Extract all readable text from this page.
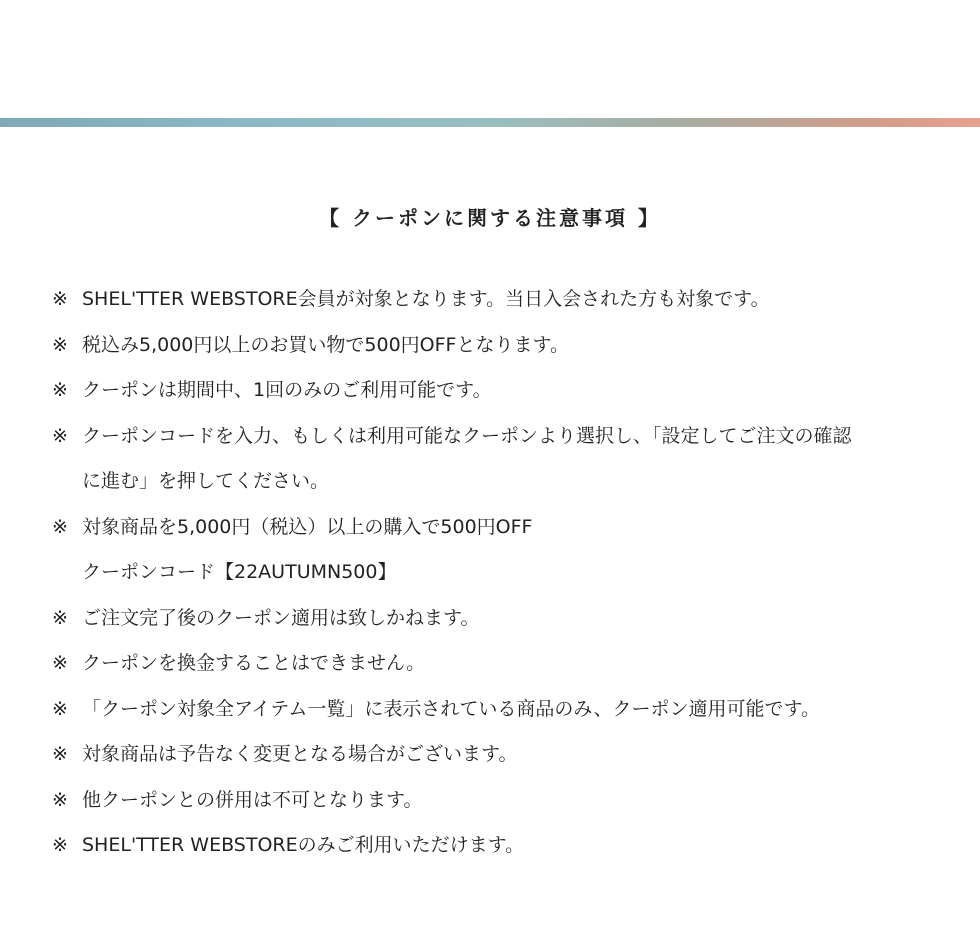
【 クーポンに関する注意事項 】
※ SHEL'TTER WEBSTORE会員が対象となります。当日入会された方も対象です。
※ 税込み5,000円以上のお買い物で500円OFFとなります。
※ クーポンは期間中、1回のみのご利用可能です。
※ クーポンコードを入力、もしくは利用可能なクーポンより選択し、「設定してご注文の確認
に進む」を押してください。
※ 対象商品を5,000円（税込）以上の購入で500円OFF
クーポンコード【22AUTUMN500】
※ ご注文完了後のクーポン適用は致しかねます。
※ クーポンを換金することはできません。
※ 「クーポン対象全アイテム一覧」に表示されている商品のみ、クーポン適用可能です。
※ 対象商品は予告なく変更となる場合がございます。
※ 他クーポンとの併用は不可となります。
※ SHEL'TTER WEBSTOREのみご利用いただけます。
